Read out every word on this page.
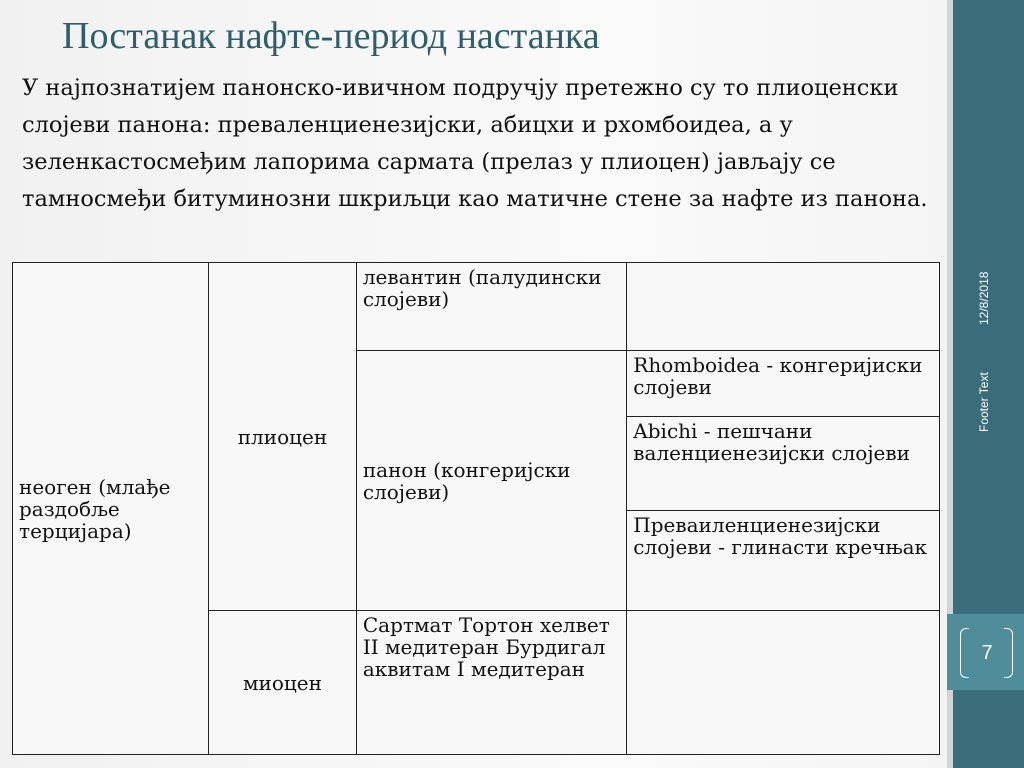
Постанак нафте-период настанка
У најпознатијем панонско-ивичном подручју претежно су то плиоценски слојеви панона: преваленциенезијски, абицхи и рхомбоидеа, а у зеленкастосмеђим лапорима сармата (прелаз у плиоцен) јављају се тамносмеђи битуминозни шкриљци као матичне стене за нафте из панона.
неоген (млађе раздобље терцијара)	плиоцен	левантин (палудински слојеви)	
		панон (конгеријски слојеви)	Rhomboidea - конгеријиски слојеви
			Abichi - пешчани валенциенезијски слојеви
			Превaиленциенезијски слојеви - глинасти кречњак
	миоцен	Сартмат Тортон хелвет II медитеран Бурдигал аквитам I медитеран	
12/8/2018
Footer Text
7
